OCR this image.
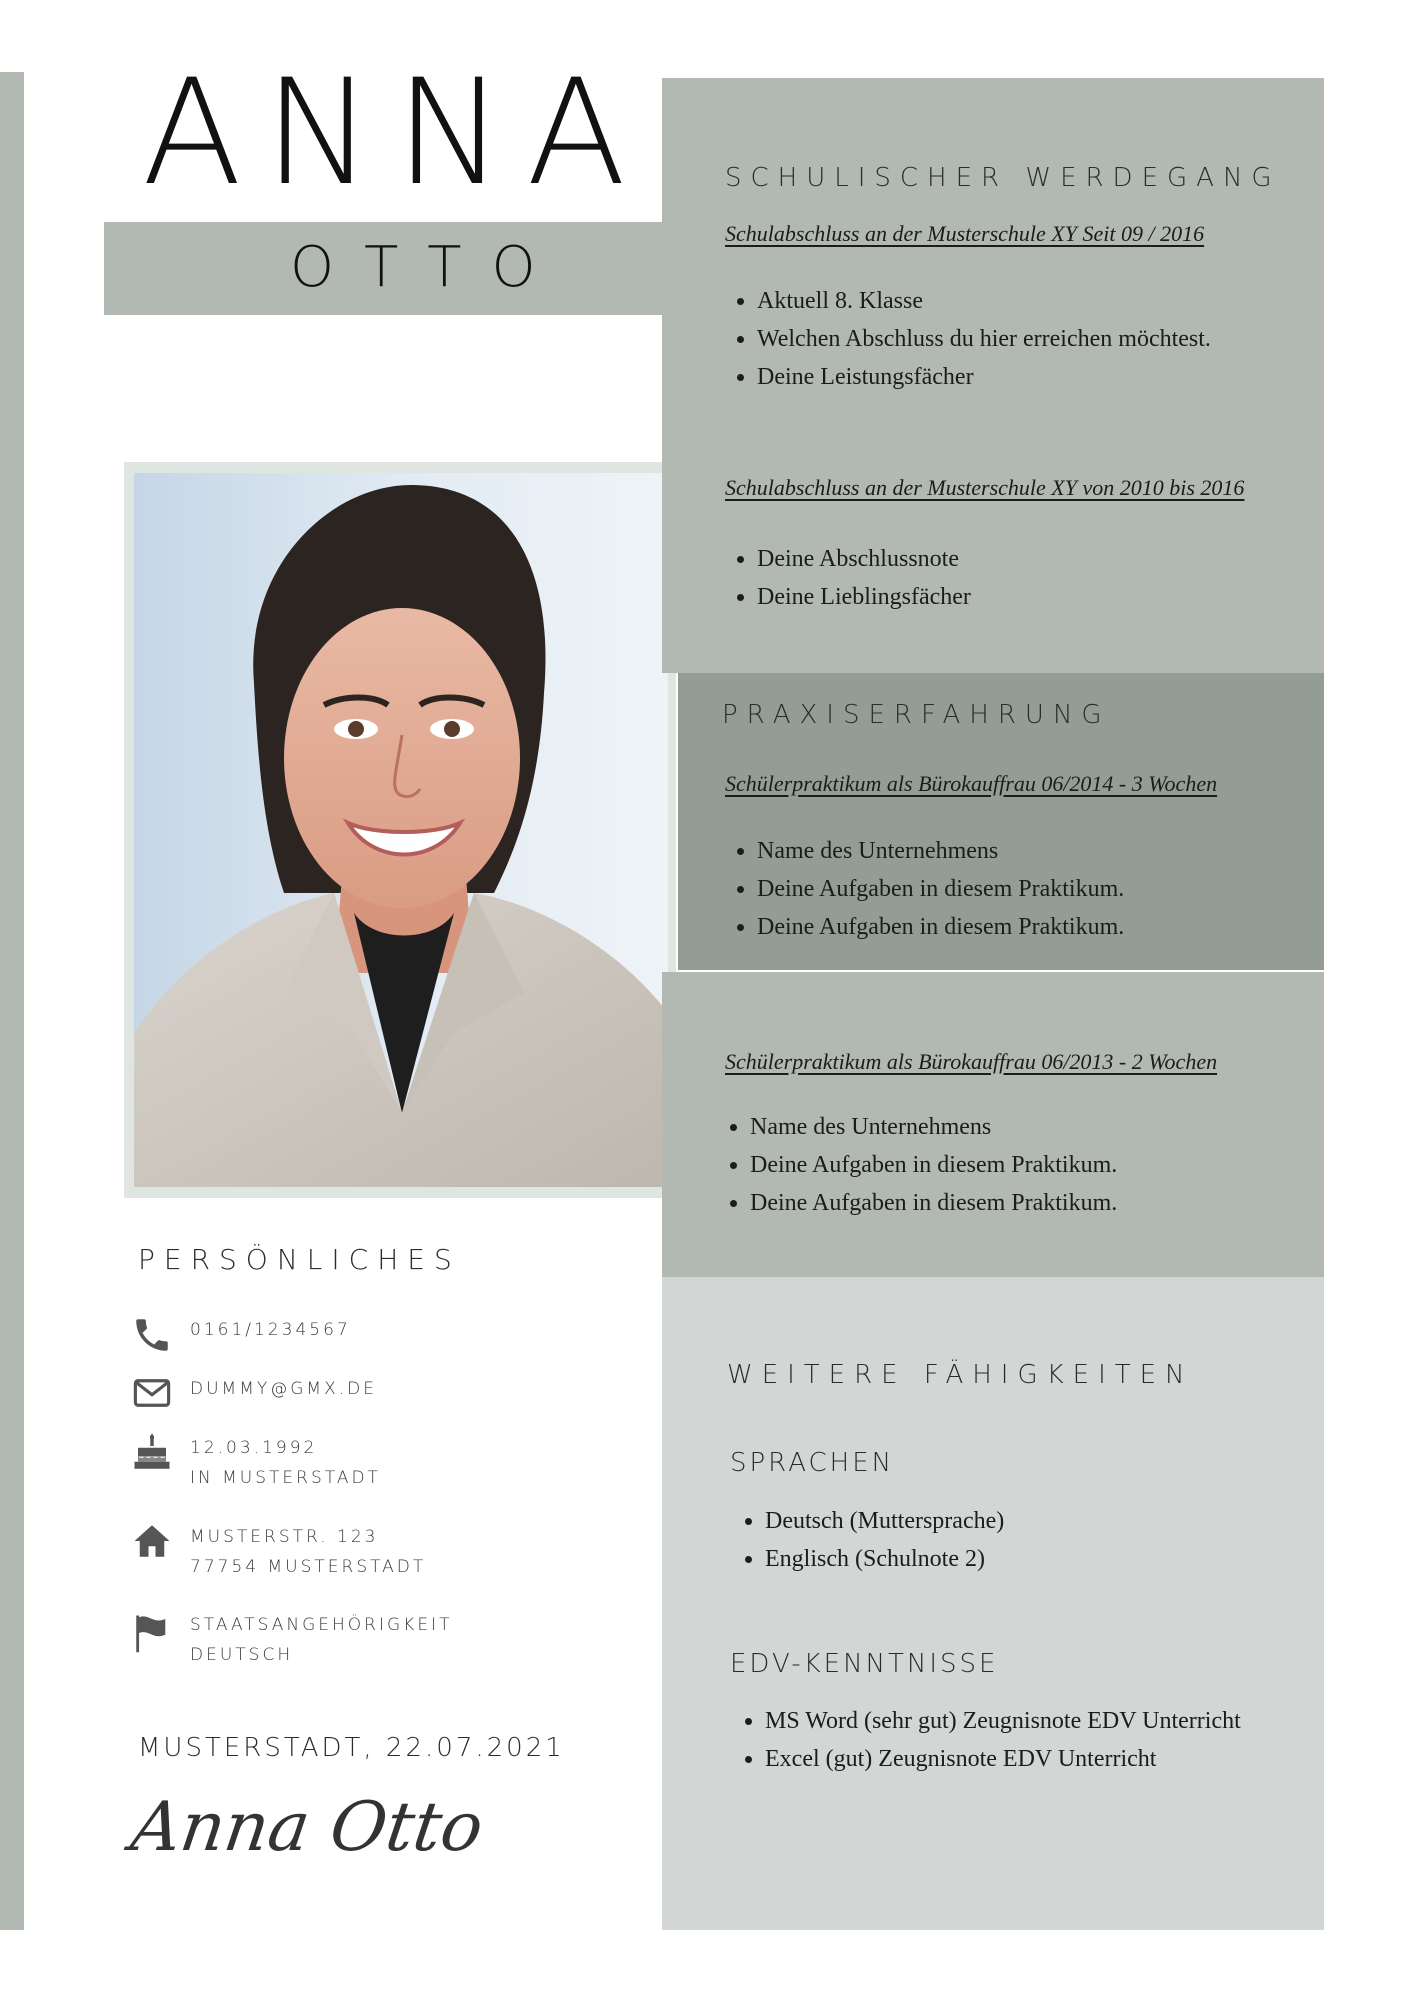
ANNA
OTTO
SCHULISCHER WERDEGANG
Schulabschluss an der Musterschule XY Seit 09 / 2016
• Aktuell 8. Klasse
• Welchen Abschluss du hier erreichen möchtest.
• Deine Leistungsfächer
Schulabschluss an der Musterschule XY von 2010 bis 2016
• Deine Abschlussnote
• Deine Lieblingsfächer
PRAXISERFAHRUNG
Schülerpraktikum als Bürokauffrau 06/2014 - 3 Wochen
• Name des Unternehmens
• Deine Aufgaben in diesem Praktikum.
• Deine Aufgaben in diesem Praktikum.
Schülerpraktikum als Bürokauffrau 06/2013 - 2 Wochen
• Name des Unternehmens
• Deine Aufgaben in diesem Praktikum.
• Deine Aufgaben in diesem Praktikum.
WEITERE FÄHIGKEITEN
SPRACHEN
• Deutsch (Muttersprache)
• Englisch (Schulnote 2)
EDV-KENNTNISSE
• MS Word (sehr gut) Zeugnisnote EDV Unterricht
• Excel (gut) Zeugnisnote EDV Unterricht
PERSÖNLICHES
0161/1234567
DUMMY@GMX.DE
12.03.1992
IN MUSTERSTADT
MUSTERSTR. 123
77754 MUSTERSTADT
STAATSANGEHÖRIGKEIT
DEUTSCH
MUSTERSTADT, 22.07.2021
Anna Otto
